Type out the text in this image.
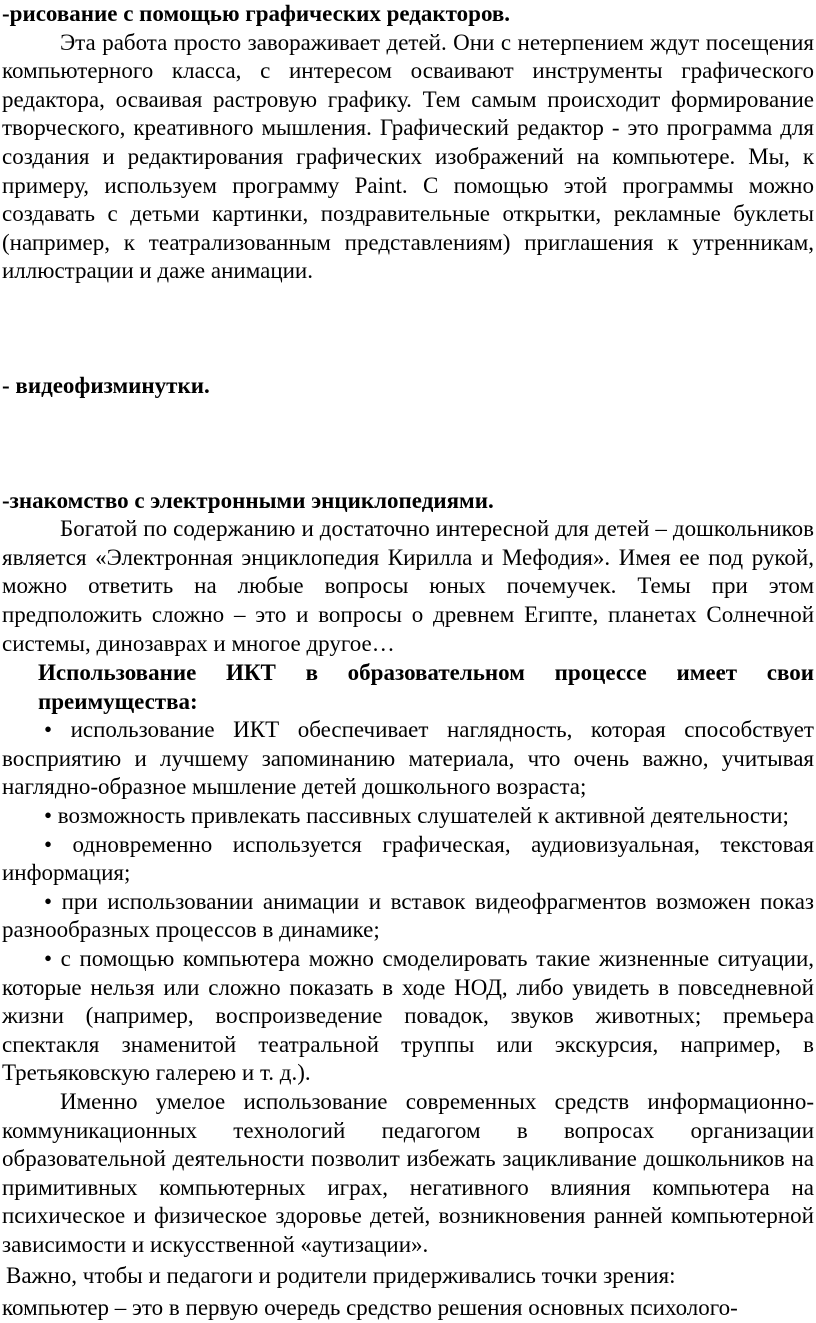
-рисование с помощью графических редакторов.

Эта работа просто завораживает детей. Они с нетерпением ждут посещения компьютерного класса, с интересом осваивают инструменты графического редактора, осваивая растровую графику. Тем самым происходит формирование творческого, креативного мышления. Графический редактор - это программа для создания и редактирования графических изображений на компьютере. Мы, к примеру, используем программу Paint. С помощью этой программы можно создавать с детьми картинки, поздравительные открытки, рекламные буклеты (например, к театрализованным представлениям) приглашения к утренникам, иллюстрации и даже анимации.

- видеофизминутки.

-знакомство с электронными энциклопедиями.

Богатой по содержанию и достаточно интересной для детей – дошкольников является «Электронная энциклопедия Кирилла и Мефодия». Имея ее под рукой, можно ответить на любые вопросы юных почемучек. Темы при этом предположить сложно – это и вопросы о древнем Египте, планетах Солнечной системы, динозаврах и многое другое…

Использование ИКТ в образовательном процессе имеет свои преимущества:

• использование ИКТ обеспечивает наглядность, которая способствует восприятию и лучшему запоминанию материала, что очень важно, учитывая наглядно-образное мышление детей дошкольного возраста;

• возможность привлекать пассивных слушателей к активной деятельности;

• одновременно используется графическая, аудиовизуальная, текстовая информация;

• при использовании анимации и вставок видеофрагментов возможен показ разнообразных процессов в динамике;

• с помощью компьютера можно смоделировать такие жизненные ситуации, которые нельзя или сложно показать в ходе НОД, либо увидеть в повседневной жизни (например, воспроизведение повадок, звуков животных; премьера спектакля знаменитой театральной труппы или экскурсия, например, в Третьяковскую галерею и т. д.).

Именно умелое использование современных средств информационно-коммуникационных технологий педагогом в вопросах организации образовательной деятельности позволит избежать зацикливание дошкольников на примитивных компьютерных играх, негативного влияния компьютера на психическое и физическое здоровье детей, возникновения ранней компьютерной зависимости и искусственной «аутизации».

Важно, чтобы и педагоги и родители придерживались точки зрения:

компьютер – это в первую очередь средство решения основных психолого-
